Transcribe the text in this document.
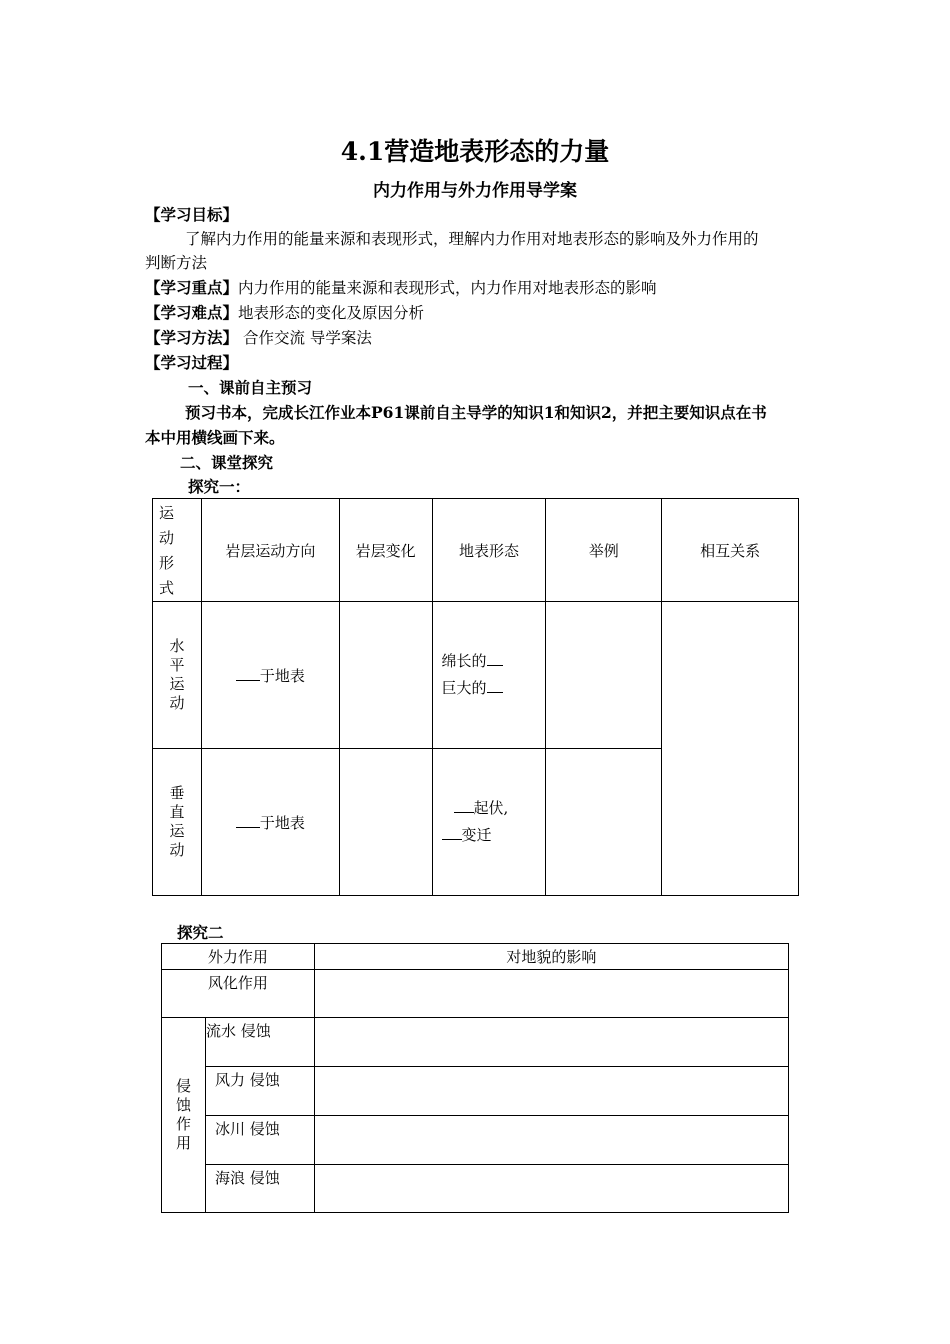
4.1营造地表形态的力量
内力作用与外力作用导学案
【学习目标】
了解内力作用的能量来源和表现形式，理解内力作用对地表形态的影响及外力作用的
判断方法
【学习重点】内力作用的能量来源和表现形式，内力作用对地表形态的影响
【学习难点】地表形态的变化及原因分析
【学习方法】 合作交流 导学案法
【学习过程】
一、课前自主预习
预习书本，完成长江作业本P61课前自主导学的知识1和知识2，并把主要知识点在书
本中用横线画下来。
二、课堂探究
探究一：
运动形式	岩层运动方向	岩层变化	地表形态	举例	相互关系

水平运动	于地表		绵长的
巨大的		

垂直运动	于地表		起伏,
变迁		

探究二
外力作用		对地貌的影响
风化作用		

侵蚀作用	流水 侵蚀	
	风力 侵蚀	
	冰川 侵蚀	
	海浪 侵蚀	
